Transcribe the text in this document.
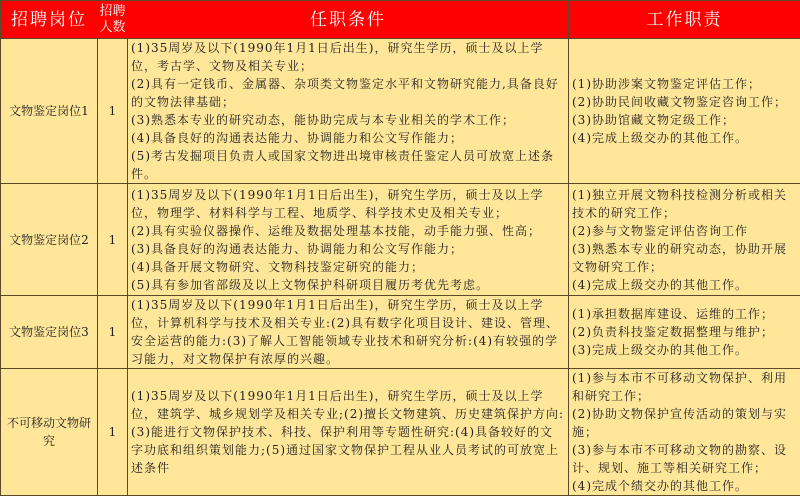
招聘岗位	招聘人数	任职条件	工作职责
文物鉴定岗位1	1	(1)35周岁及以下(1990年1月1日后出生)，研究生学历，硕士及以上学位，考古学、文物及相关专业；
(2)具有一定钱币、金属器、杂项类文物鉴定水平和文物研究能力,具备良好的文物法律基础；
(3)熟悉本专业的研究动态，能协助完成与本专业相关的学术工作；
(4)具备良好的沟通表达能力、协调能力和公文写作能力；
(5)考古发掘项目负责人或国家文物进出境审核责任鉴定人员可放宽上述条件。	(1)协助涉案文物鉴定评估工作；
(2)协助民间收藏文物鉴定咨询工作；
(3)协助馆藏文物定级工作；
(4)完成上级交办的其他工作。

文物鉴定岗位2	1	(1)35周岁及以下(1990年1月1日后出生)，研究生学历，硕士及以上学位，物理学、材料科学与工程、地质学、科学技术史及相关专业；
(2)具有实验仪器操作、运维及数据处理基本技能，动手能力强、性高；
(3)具备良好的沟通表达能力、协调能力和公文写作能力；
(4)具备开展文物研究、文物科技鉴定研究的能力；
(5)具有参加省部级及以上文物保护科研项目履历考优先考虑。	(1)独立开展文物科技检测分析或相关技术的研究工作；
(2)参与文物鉴定评估咨询工作
(3)熟悉本专业的研究动态，协助开展文物研究工作；
(4)完成上级交办的其他工作。

文物鉴定岗位3	1	(1)35周岁及以下(1990年1月1日后出生)，研究生学历，硕士及以上学位，计算机科学与技术及相关专业:(2)具有数字化项目设计、建设、管理、安全运营的能力:(3)了解人工智能领域专业技术和研究分析:(4)有较强的学习能力，对文物保护有浓厚的兴趣。	(1)承担数据库建设、运维的工作；
(2)负责科技鉴定数据整理与维护；
(3)完成上级交办的其他工作。

不可移动文物研究	1	(1)35周岁及以下(1990年1月1日后出生)，研究生学历，硕士及以上学位，建筑学、城乡规划学及相关专业;(2)擅长文物建筑、历史建筑保护方向:(3)能进行文物保护技术、科技、保护利用等专题性研究:(4)具备较好的文字功底和组织策划能力;(5)通过国家文物保护工程从业人员考试的可放宽上述条件	(1)参与本市不可移动文物保护、利用和研究工作；
(2)协助文物保护宣传活动的策划与实施；
(3)参与本市不可移动文物的勘察、设计、规划、施工等相关研究工作；
(4)完成个绩交办的其他工作。
